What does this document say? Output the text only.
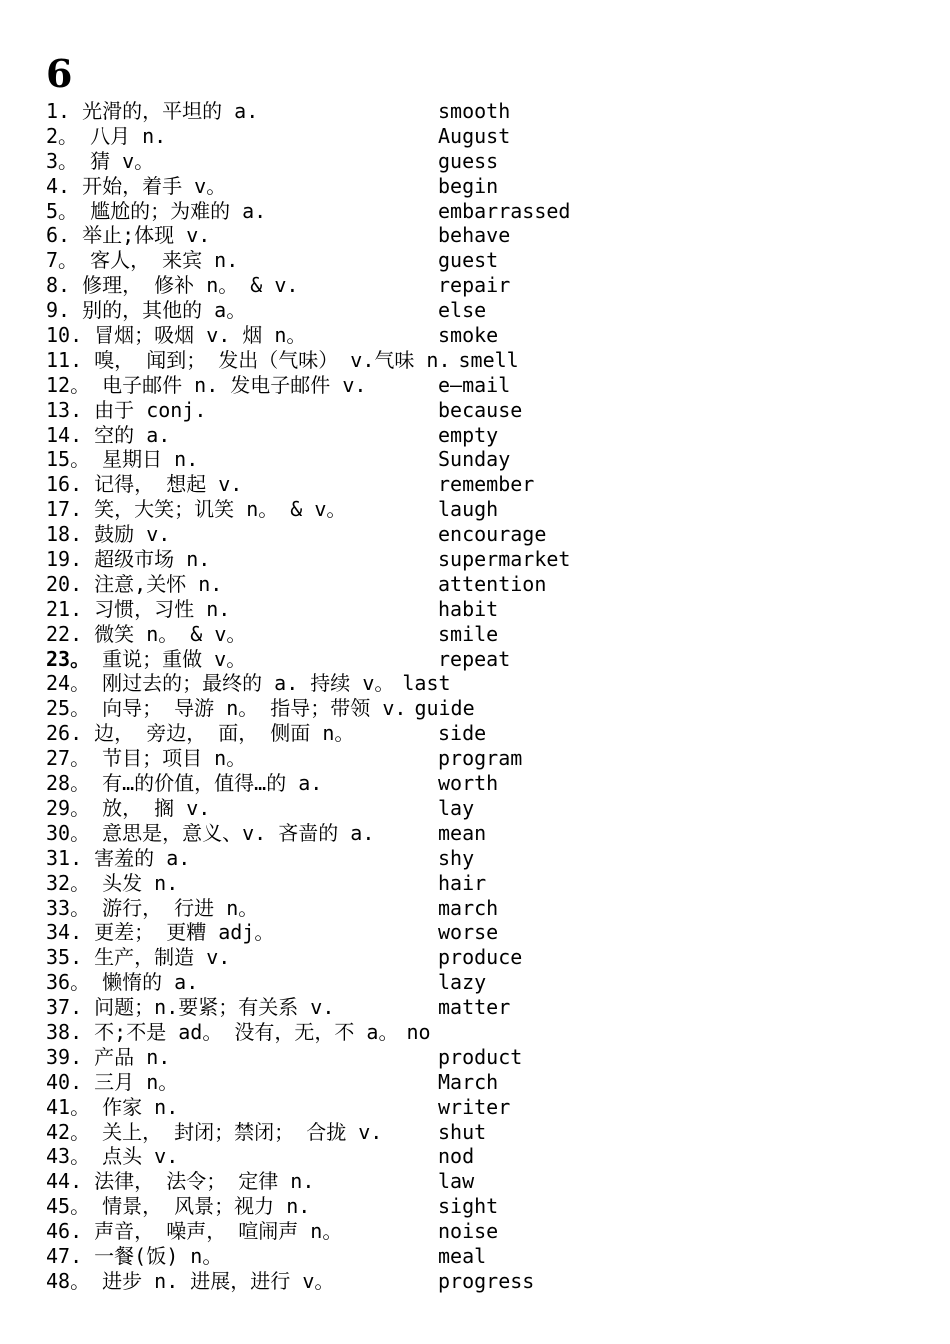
6
1. 光滑的，平坦的 a.	smooth
2。 八月 n.	August
3。 猜 v。	guess
4. 开始，着手 v。	begin
5。 尴尬的；为难的 a.	embarrassed
6. 举止;体现 v.	behave
7。 客人， 来宾 n.	guest
8. 修理， 修补 n。 & v.	repair
9. 别的，其他的 a。	else
10. 冒烟；吸烟 v. 烟 n。	smoke
11. 嗅， 闻到； 发出（气味） v.气味 n. smell
12。 电子邮件 n. 发电子邮件 v.	e—mail
13. 由于 conj.	because
14. 空的 a.	empty
15。 星期日 n.	Sunday
16. 记得， 想起 v.	remember
17. 笑，大笑；讥笑 n。 & v。	laugh
18. 鼓励 v.	encourage
19. 超级市场 n.	supermarket
20. 注意,关怀 n.	attention
21. 习惯，习性 n.	habit
22. 微笑 n。 & v。	smile
23。 重说；重做 v。	repeat
24。 刚过去的；最终的 a. 持续 v。 last
25。 向导； 导游 n。 指导；带领 v. guide
26. 边， 旁边， 面， 侧面 n。	side
27。 节目；项目 n。	program
28。 有…的价值，值得…的 a.	worth
29。 放， 搁 v.	lay
30。 意思是，意义、v. 吝啬的 a.	mean
31. 害羞的 a.	shy
32。 头发 n.	hair
33。 游行， 行进 n。	march
34. 更差； 更糟 adj。	worse
35. 生产，制造 v.	produce
36。 懒惰的 a.	lazy
37. 问题；n.要紧；有关系 v.	matter
38. 不;不是 ad。 没有，无，不 a。 no
39. 产品 n.	product
40. 三月 n。	March
41。 作家 n.	writer
42。 关上， 封闭；禁闭； 合拢 v.	shut
43。 点头 v.	nod
44. 法律， 法令； 定律 n.	law
45。 情景， 风景；视力 n.	sight
46. 声音， 噪声， 喧闹声 n。	noise
47. 一餐(饭) n。	meal
48。 进步 n. 进展，进行 v。	progress
